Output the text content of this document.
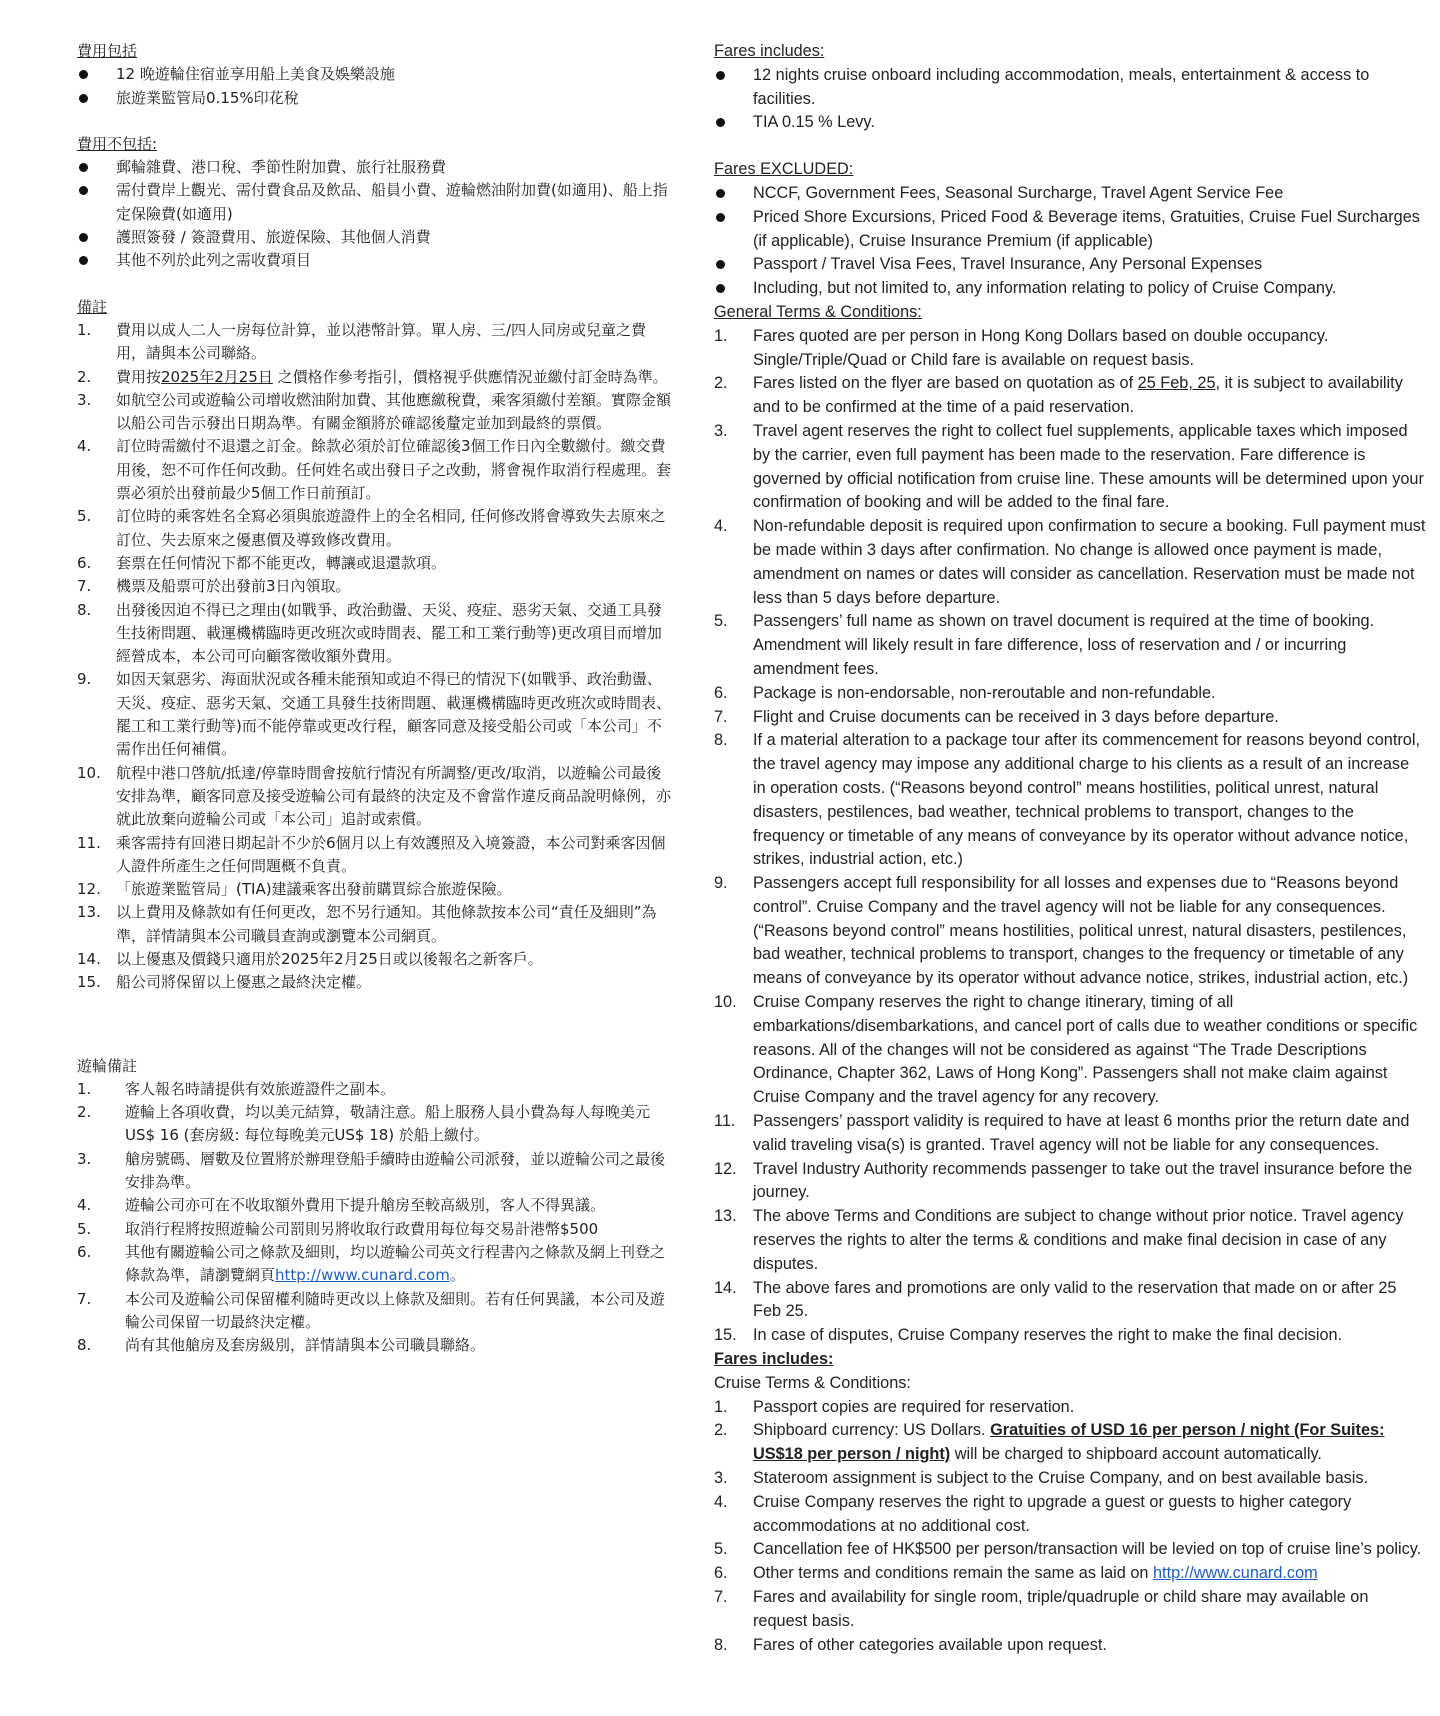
費用包括
12 晚遊輪住宿並享用船上美食及娛樂設施
旅遊業監管局0.15%印花稅
費用不包括:
郵輪雜費、港口稅、季節性附加費、旅行社服務費
需付費岸上觀光、需付費食品及飲品、船員小費、遊輪燃油附加費(如適用)、船上指定保險費(如適用)
護照簽發 / 簽證費用、旅遊保險、其他個人消費
其他不列於此列之需收費項目
備註
1. 費用以成人二人一房每位計算，並以港幣計算。單人房、三/四人同房或兒童之費用，請與本公司聯絡。
2. 費用按2025年2月25日 之價格作參考指引，價格視乎供應情況並繳付訂金時為準。
3. 如航空公司或遊輪公司增收燃油附加費、其他應繳稅費，乘客須繳付差額。實際金額以船公司告示發出日期為準。有關金額將於確認後釐定並加到最終的票價。
4. 訂位時需繳付不退還之訂金。餘款必須於訂位確認後3個工作日內全數繳付。繳交費用後，恕不可作任何改動。任何姓名或出發日子之改動，將會視作取消行程處理。套票必須於出發前最少5個工作日前預訂。
5. 訂位時的乘客姓名全寫必須與旅遊證件上的全名相同, 任何修改將會導致失去原來之訂位、失去原來之優惠價及導致修改費用。
6. 套票在任何情況下都不能更改，轉讓或退還款項。
7. 機票及船票可於出發前3日內領取。
8. 出發後因迫不得已之理由(如戰爭、政治動盪、天災、疫症、惡劣天氣、交通工具發生技術問題、載運機構臨時更改班次或時間表、罷工和工業行動等)更改項目而增加經營成本，本公司可向顧客徵收額外費用。
9. 如因天氣惡劣、海面狀況或各種未能預知或迫不得已的情況下(如戰爭、政治動盪、天災、疫症、惡劣天氣、交通工具發生技術問題、載運機構臨時更改班次或時間表、罷工和工業行動等)而不能停靠或更改行程，顧客同意及接受船公司或「本公司」不需作出任何補償。
10. 航程中港口啓航/抵達/停靠時間會按航行情況有所調整/更改/取消，以遊輪公司最後安排為準，顧客同意及接受遊輪公司有最終的決定及不會當作違反商品說明條例，亦就此放棄向遊輪公司或「本公司」追討或索償。
11. 乘客需持有回港日期起計不少於6個月以上有效護照及入境簽證，本公司對乘客因個人證件所產生之任何問題概不負責。
12. 「旅遊業監管局」(TIA)建議乘客出發前購買綜合旅遊保險。
13. 以上費用及條款如有任何更改，恕不另行通知。其他條款按本公司“責任及細則”為準，詳情請與本公司職員查詢或瀏覽本公司網頁。
14. 以上優惠及價錢只適用於2025年2月25日或以後報名之新客戶。
15. 船公司將保留以上優惠之最終決定權。
遊輪備註
1. 客人報名時請提供有效旅遊證件之副本。
2. 遊輪上各項收費，均以美元結算，敬請注意。船上服務人員小費為每人每晚美元US$ 16 (套房級: 每位每晚美元US$ 18) 於船上繳付。
3. 艙房號碼、層數及位置將於辦理登船手續時由遊輪公司派發，並以遊輪公司之最後安排為準。
4. 遊輪公司亦可在不收取額外費用下提升艙房至較高級別，客人不得異議。
5. 取消行程將按照遊輪公司罰則另將收取行政費用每位每交易計港幣$500
6. 其他有關遊輪公司之條款及細則，均以遊輪公司英文行程書內之條款及網上刊登之條款為準，請瀏覽網頁http://www.cunard.com。
7. 本公司及遊輪公司保留權利隨時更改以上條款及細則。若有任何異議，本公司及遊輪公司保留一切最終決定權。
8. 尚有其他艙房及套房級別，詳情請與本公司職員聯絡。
Fares includes:
12 nights cruise onboard including accommodation, meals, entertainment & access to facilities.
TIA 0.15 % Levy.
Fares EXCLUDED:
NCCF, Government Fees, Seasonal Surcharge, Travel Agent Service Fee
Priced Shore Excursions, Priced Food & Beverage items, Gratuities, Cruise Fuel Surcharges (if applicable), Cruise Insurance Premium (if applicable)
Passport / Travel Visa Fees, Travel Insurance, Any Personal Expenses
Including, but not limited to, any information relating to policy of Cruise Company.
General Terms & Conditions:
1. Fares quoted are per person in Hong Kong Dollars based on double occupancy. Single/Triple/Quad or Child fare is available on request basis.
2. Fares listed on the flyer are based on quotation as of 25 Feb, 25, it is subject to availability and to be confirmed at the time of a paid reservation.
3. Travel agent reserves the right to collect fuel supplements, applicable taxes which imposed by the carrier, even full payment has been made to the reservation. Fare difference is governed by official notification from cruise line. These amounts will be determined upon your confirmation of booking and will be added to the final fare.
4. Non-refundable deposit is required upon confirmation to secure a booking. Full payment must be made within 3 days after confirmation. No change is allowed once payment is made, amendment on names or dates will consider as cancellation. Reservation must be made not less than 5 days before departure.
5. Passengers’ full name as shown on travel document is required at the time of booking. Amendment will likely result in fare difference, loss of reservation and / or incurring amendment fees.
6. Package is non-endorsable, non-reroutable and non-refundable.
7. Flight and Cruise documents can be received in 3 days before departure.
8. If a material alteration to a package tour after its commencement for reasons beyond control, the travel agency may impose any additional charge to his clients as a result of an increase in operation costs. (“Reasons beyond control” means hostilities, political unrest, natural disasters, pestilences, bad weather, technical problems to transport, changes to the frequency or timetable of any means of conveyance by its operator without advance notice, strikes, industrial action, etc.)
9. Passengers accept full responsibility for all losses and expenses due to “Reasons beyond control”. Cruise Company and the travel agency will not be liable for any consequences. (“Reasons beyond control” means hostilities, political unrest, natural disasters, pestilences, bad weather, technical problems to transport, changes to the frequency or timetable of any means of conveyance by its operator without advance notice, strikes, industrial action, etc.)
10. Cruise Company reserves the right to change itinerary, timing of all embarkations/disembarkations, and cancel port of calls due to weather conditions or specific reasons. All of the changes will not be considered as against “The Trade Descriptions Ordinance, Chapter 362, Laws of Hong Kong”. Passengers shall not make claim against Cruise Company and the travel agency for any recovery.
11. Passengers’ passport validity is required to have at least 6 months prior the return date and valid traveling visa(s) is granted. Travel agency will not be liable for any consequences.
12. Travel Industry Authority recommends passenger to take out the travel insurance before the journey.
13. The above Terms and Conditions are subject to change without prior notice. Travel agency reserves the rights to alter the terms & conditions and make final decision in case of any disputes.
14. The above fares and promotions are only valid to the reservation that made on or after 25 Feb 25.
15. In case of disputes, Cruise Company reserves the right to make the final decision.
Fares includes:
Cruise Terms & Conditions:
1. Passport copies are required for reservation.
2. Shipboard currency: US Dollars. Gratuities of USD 16 per person / night (For Suites: US$18 per person / night) will be charged to shipboard account automatically.
3. Stateroom assignment is subject to the Cruise Company, and on best available basis.
4. Cruise Company reserves the right to upgrade a guest or guests to higher category accommodations at no additional cost.
5. Cancellation fee of HK$500 per person/transaction will be levied on top of cruise line’s policy.
6. Other terms and conditions remain the same as laid on http://www.cunard.com
7. Fares and availability for single room, triple/quadruple or child share may available on request basis.
8. Fares of other categories available upon request.
